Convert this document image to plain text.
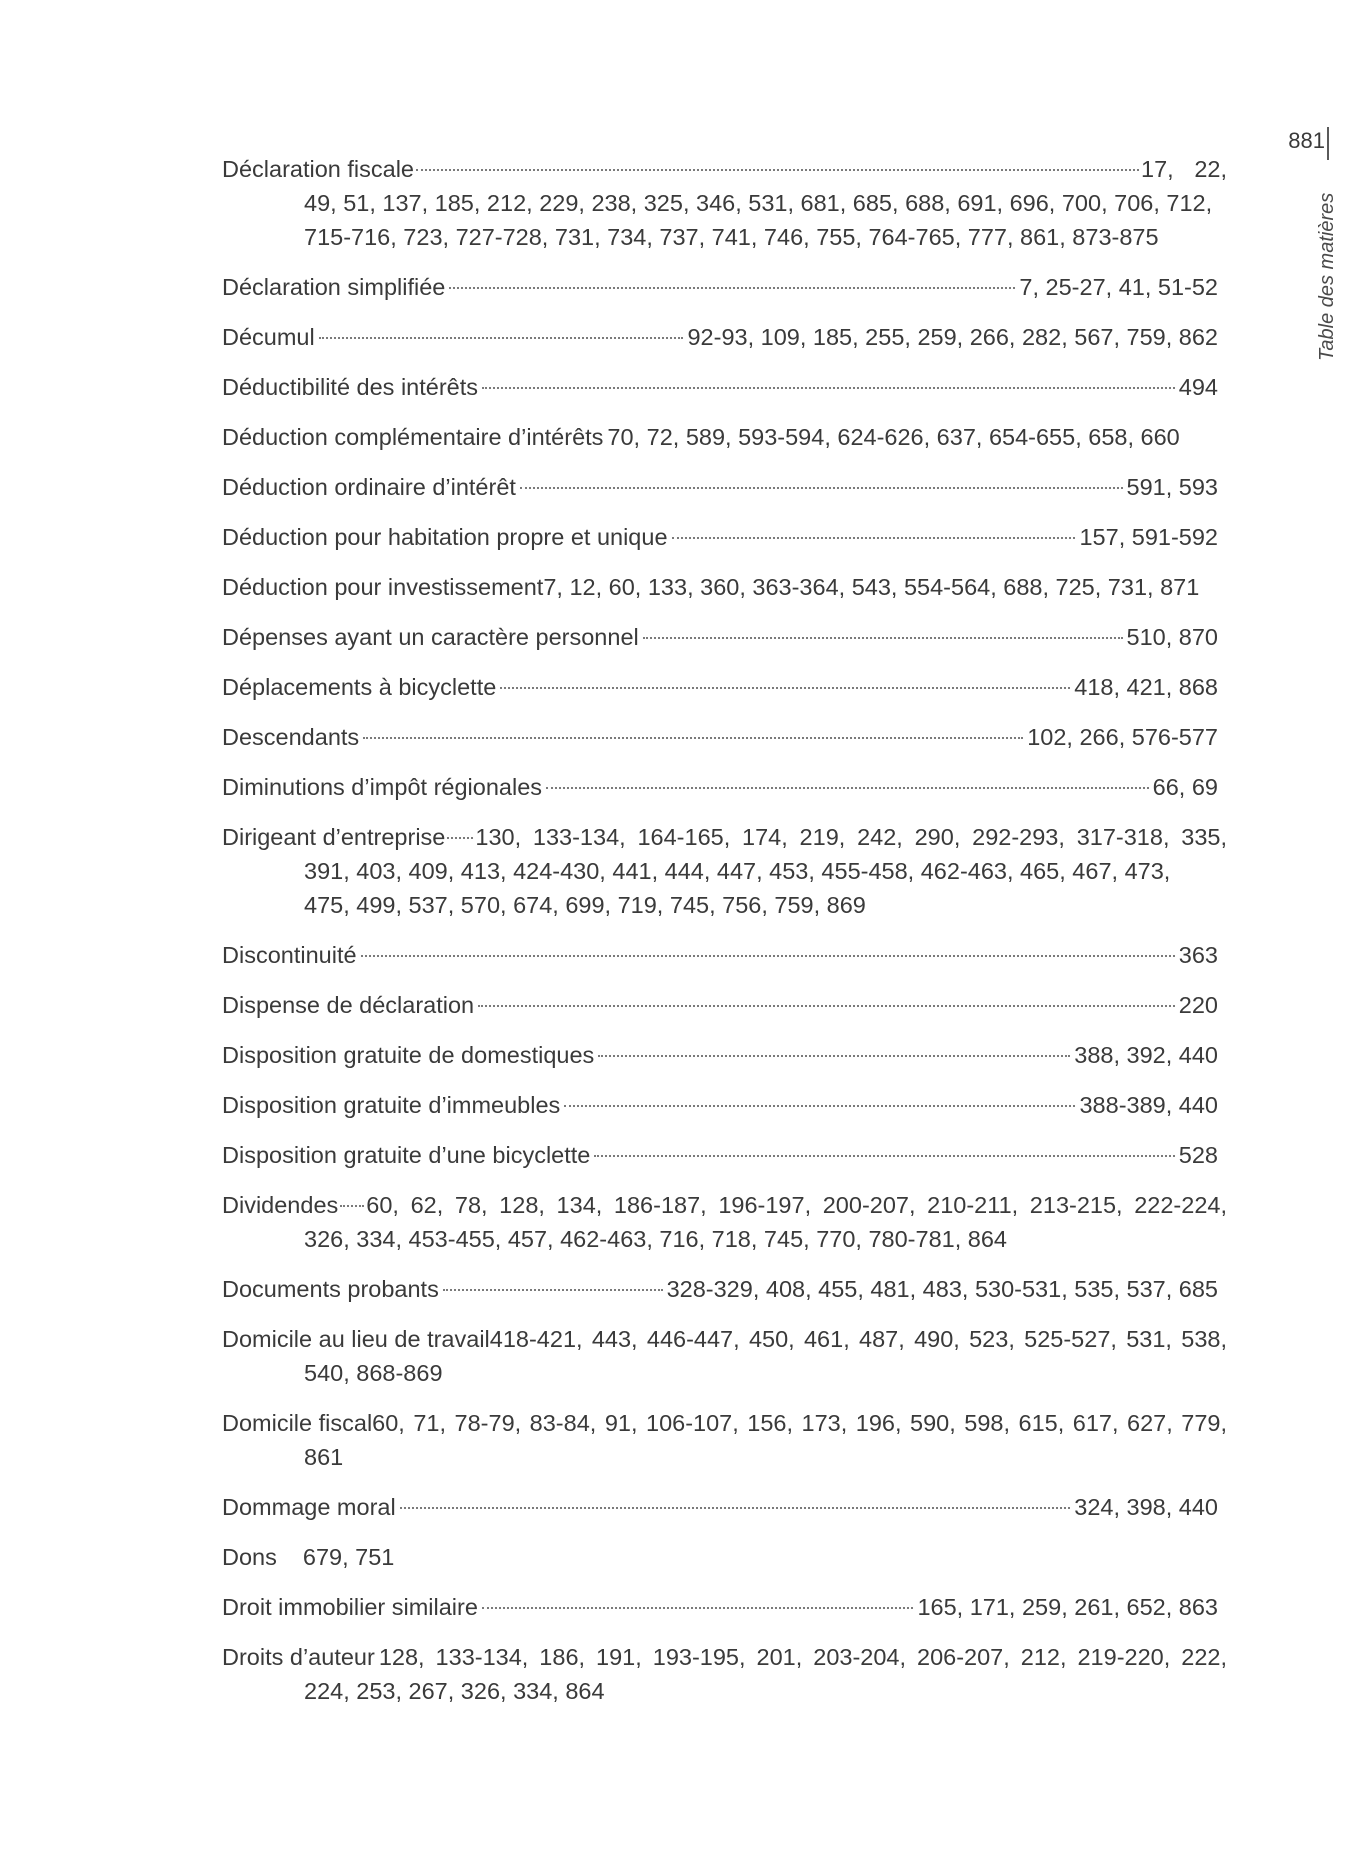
881
Table des matières
Déclaration fiscale	17, 22,
49, 51, 137, 185, 212, 229, 238, 325, 346, 531, 681, 685, 688, 691, 696, 700, 706, 712,
715-716, 723, 727-728, 731, 734, 737, 741, 746, 755, 764-765, 777, 861, 873-875
Déclaration simplifiée	7, 25-27, 41, 51-52
Décumul	92-93, 109, 185, 255, 259, 266, 282, 567, 759, 862
Déductibilité des intérêts	494
Déduction complémentaire d’intérêts 70, 72, 589, 593-594, 624-626, 637, 654-655, 658, 660
Déduction ordinaire d’intérêt	591, 593
Déduction pour habitation propre et unique	157, 591-592
Déduction pour investissement 7, 12, 60, 133, 360, 363-364, 543, 554-564, 688, 725, 731, 871
Dépenses ayant un caractère personnel	510, 870
Déplacements à bicyclette	418, 421, 868
Descendants	102, 266, 576-577
Diminutions d’impôt régionales	66, 69
Dirigeant d’entreprise 130, 133-134, 164-165, 174, 219, 242, 290, 292-293, 317-318, 335,
391, 403, 409, 413, 424-430, 441, 444, 447, 453, 455-458, 462-463, 465, 467, 473,
475, 499, 537, 570, 674, 699, 719, 745, 756, 759, 869
Discontinuité	363
Dispense de déclaration	220
Disposition gratuite de domestiques	388, 392, 440
Disposition gratuite d’immeubles	388-389, 440
Disposition gratuite d’une bicyclette	528
Dividendes 60, 62, 78, 128, 134, 186-187, 196-197, 200-207, 210-211, 213-215, 222-224,
326, 334, 453-455, 457, 462-463, 716, 718, 745, 770, 780-781, 864
Documents probants	328-329, 408, 455, 481, 483, 530-531, 535, 537, 685
Domicile au lieu de travail 418-421, 443, 446-447, 450, 461, 487, 490, 523, 525-527, 531, 538,
540, 868-869
Domicile fiscal 60, 71, 78-79, 83-84, 91, 106-107, 156, 173, 196, 590, 598, 615, 617, 627, 779,
861
Dommage moral	324, 398, 440
Dons 679, 751
Droit immobilier similaire	165, 171, 259, 261, 652, 863
Droits d’auteur 128, 133-134, 186, 191, 193-195, 201, 203-204, 206-207, 212, 219-220, 222,
224, 253, 267, 326, 334, 864
